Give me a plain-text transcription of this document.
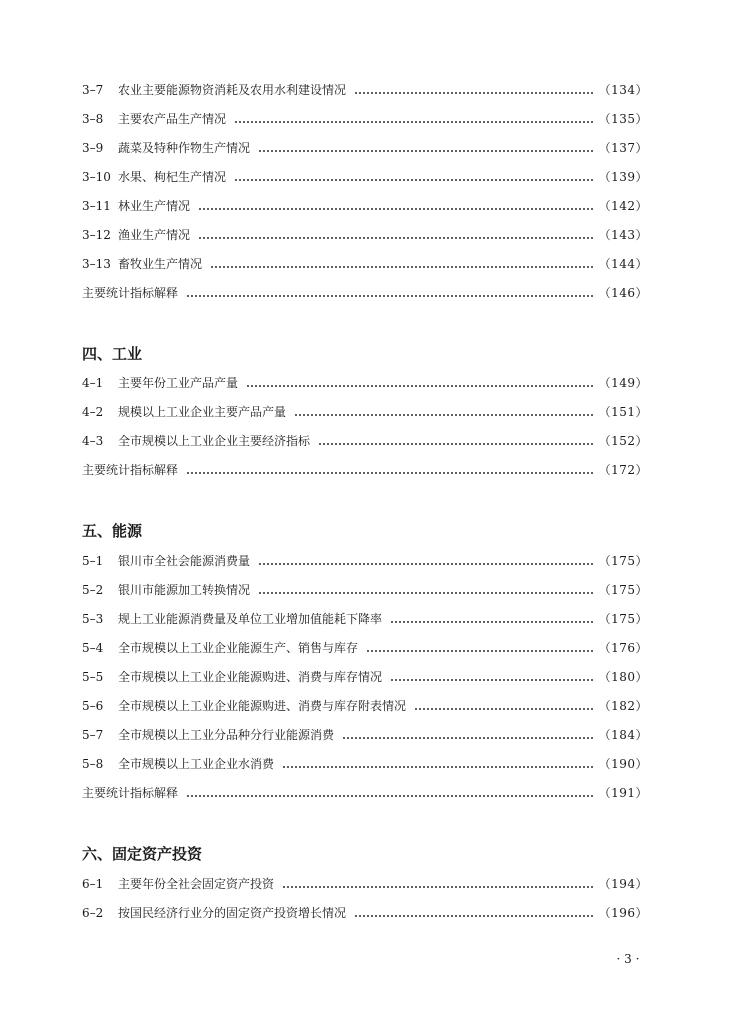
3–7	农业主要能源物资消耗及农用水利建设情况	（134）
3–8	主要农产品生产情况	（135）
3–9	蔬菜及特种作物生产情况	（137）
3–10 水果、枸杞生产情况	（139）
3–11 林业生产情况	（142）
3–12 渔业生产情况	（143）
3–13 畜牧业生产情况	（144）
主要统计指标解释	（146）
四、工业
4–1	主要年份工业产品产量	（149）
4–2	规模以上工业企业主要产品产量	（151）
4–3	全市规模以上工业企业主要经济指标	（152）
主要统计指标解释	（172）
五、能源
5–1	银川市全社会能源消费量	（175）
5–2	银川市能源加工转换情况	（175）
5–3	规上工业能源消费量及单位工业增加值能耗下降率	（175）
5–4	全市规模以上工业企业能源生产、销售与库存	（176）
5–5	全市规模以上工业企业能源购进、消费与库存情况	（180）
5–6	全市规模以上工业企业能源购进、消费与库存附表情况	（182）
5–7	全市规模以上工业分品种分行业能源消费	（184）
5–8	全市规模以上工业企业水消费	（190）
主要统计指标解释	（191）
六、固定资产投资
6–1	主要年份全社会固定资产投资	（194）
6–2	按国民经济行业分的固定资产投资增长情况	（196）
· 3 ·
